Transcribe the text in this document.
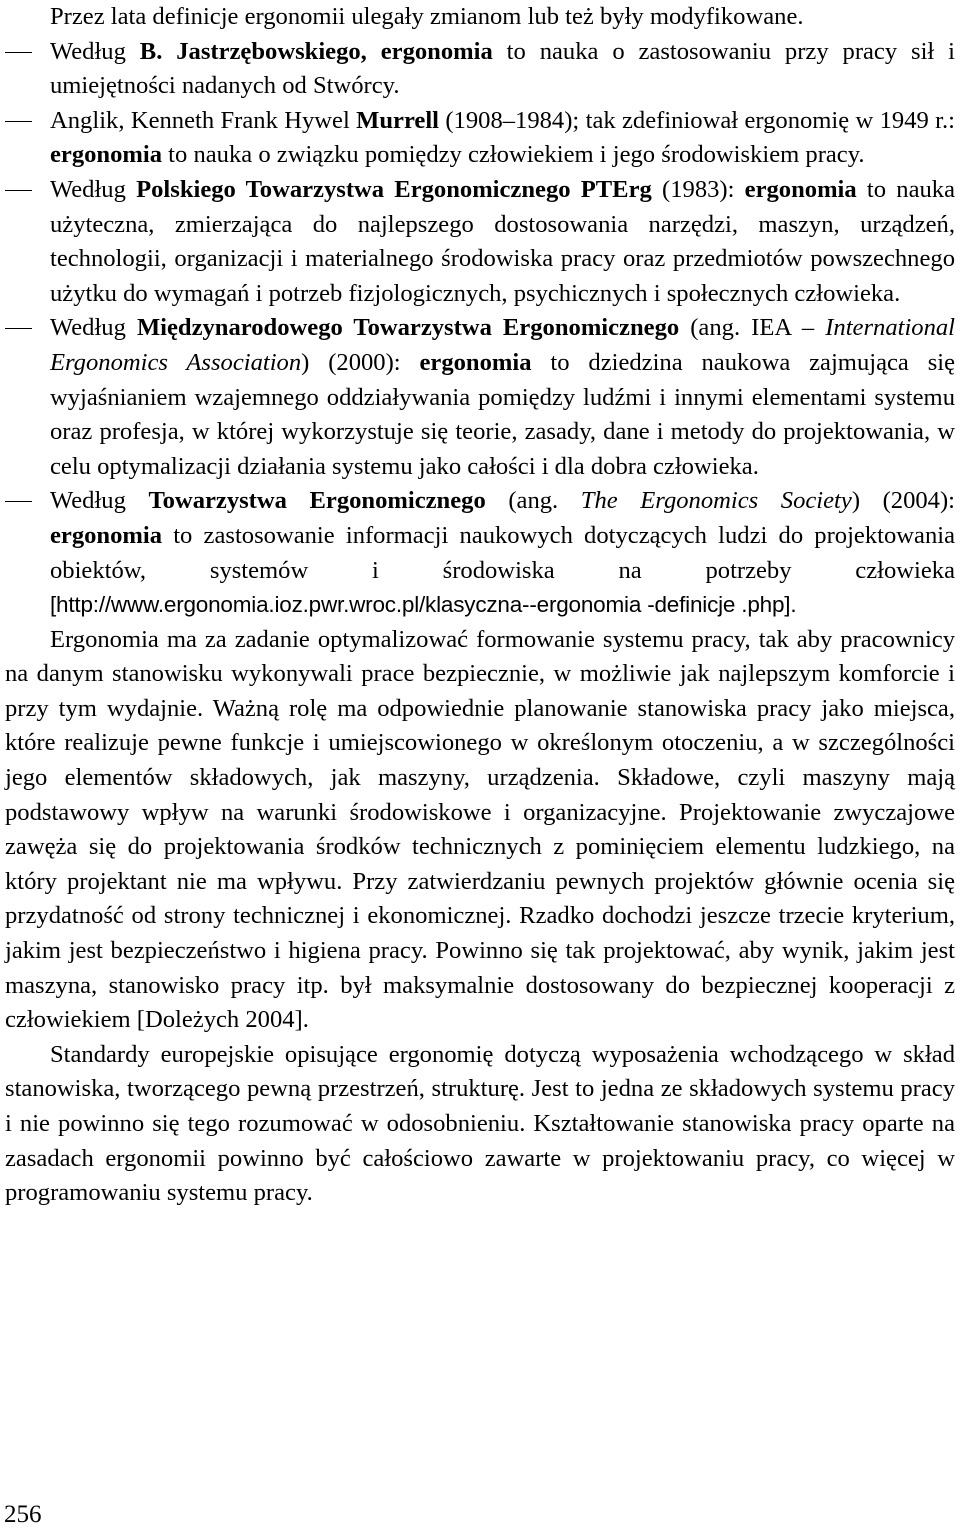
Przez lata definicje ergonomii ulegały zmianom lub też były modyfikowane.

Według B. Jastrzębowskiego, ergonomia to nauka o zastosowaniu przy pracy sił i umiejętności nadanych od Stwórcy.

Anglik, Kenneth Frank Hywel Murrell (1908–1984); tak zdefiniował ergonomię w 1949 r.: ergonomia to nauka o związku pomiędzy człowiekiem i jego środowiskiem pracy.

Według Polskiego Towarzystwa Ergonomicznego PTErg (1983): ergonomia to nauka użyteczna, zmierzająca do najlepszego dostosowania narzędzi, maszyn, urządzeń, technologii, organizacji i materialnego środowiska pracy oraz przedmiotów powszechnego użytku do wymagań i potrzeb fizjologicznych, psychicznych i społecznych człowieka.

Według Międzynarodowego Towarzystwa Ergonomicznego (ang. IEA – International Ergonomics Association) (2000): ergonomia to dziedzina naukowa zajmująca się wyjaśnianiem wzajemnego oddziaływania pomiędzy ludźmi i innymi elementami systemu oraz profesja, w której wykorzystuje się teorie, zasady, dane i metody do projektowania, w celu optymalizacji działania systemu jako całości i dla dobra człowieka.

Według Towarzystwa Ergonomicznego (ang. The Ergonomics Society) (2004): ergonomia to zastosowanie informacji naukowych dotyczących ludzi do projektowania obiektów, systemów i środowiska na potrzeby człowieka [http://www.ergonomia.ioz.pwr.wroc.pl/klasyczna--ergonomia -definicje .php].

Ergonomia ma za zadanie optymalizować formowanie systemu pracy, tak aby pracownicy na danym stanowisku wykonywali prace bezpiecznie, w możliwie jak najlepszym komforcie i przy tym wydajnie. Ważną rolę ma odpowiednie planowanie stanowiska pracy jako miejsca, które realizuje pewne funkcje i umiejscowionego w określonym otoczeniu, a w szczególności jego elementów składowych, jak maszyny, urządzenia. Składowe, czyli maszyny mają podstawowy wpływ na warunki środowiskowe i organizacyjne. Projektowanie zwyczajowe zawęża się do projektowania środków technicznych z pominięciem elementu ludzkiego, na który projektant nie ma wpływu. Przy zatwierdzaniu pewnych projektów głównie ocenia się przydatność od strony technicznej i ekonomicznej. Rzadko dochodzi jeszcze trzecie kryterium, jakim jest bezpieczeństwo i higiena pracy. Powinno się tak projektować, aby wynik, jakim jest maszyna, stanowisko pracy itp. był maksymalnie dostosowany do bezpiecznej kooperacji z człowiekiem [Doleżych 2004].

Standardy europejskie opisujące ergonomię dotyczą wyposażenia wchodzącego w skład stanowiska, tworzącego pewną przestrzeń, strukturę. Jest to jedna ze składowych systemu pracy i nie powinno się tego rozumować w odosobnieniu. Kształtowanie stanowiska pracy oparte na zasadach ergonomii powinno być całościowo zawarte w projektowaniu pracy, co więcej w programowaniu systemu pracy.

256
